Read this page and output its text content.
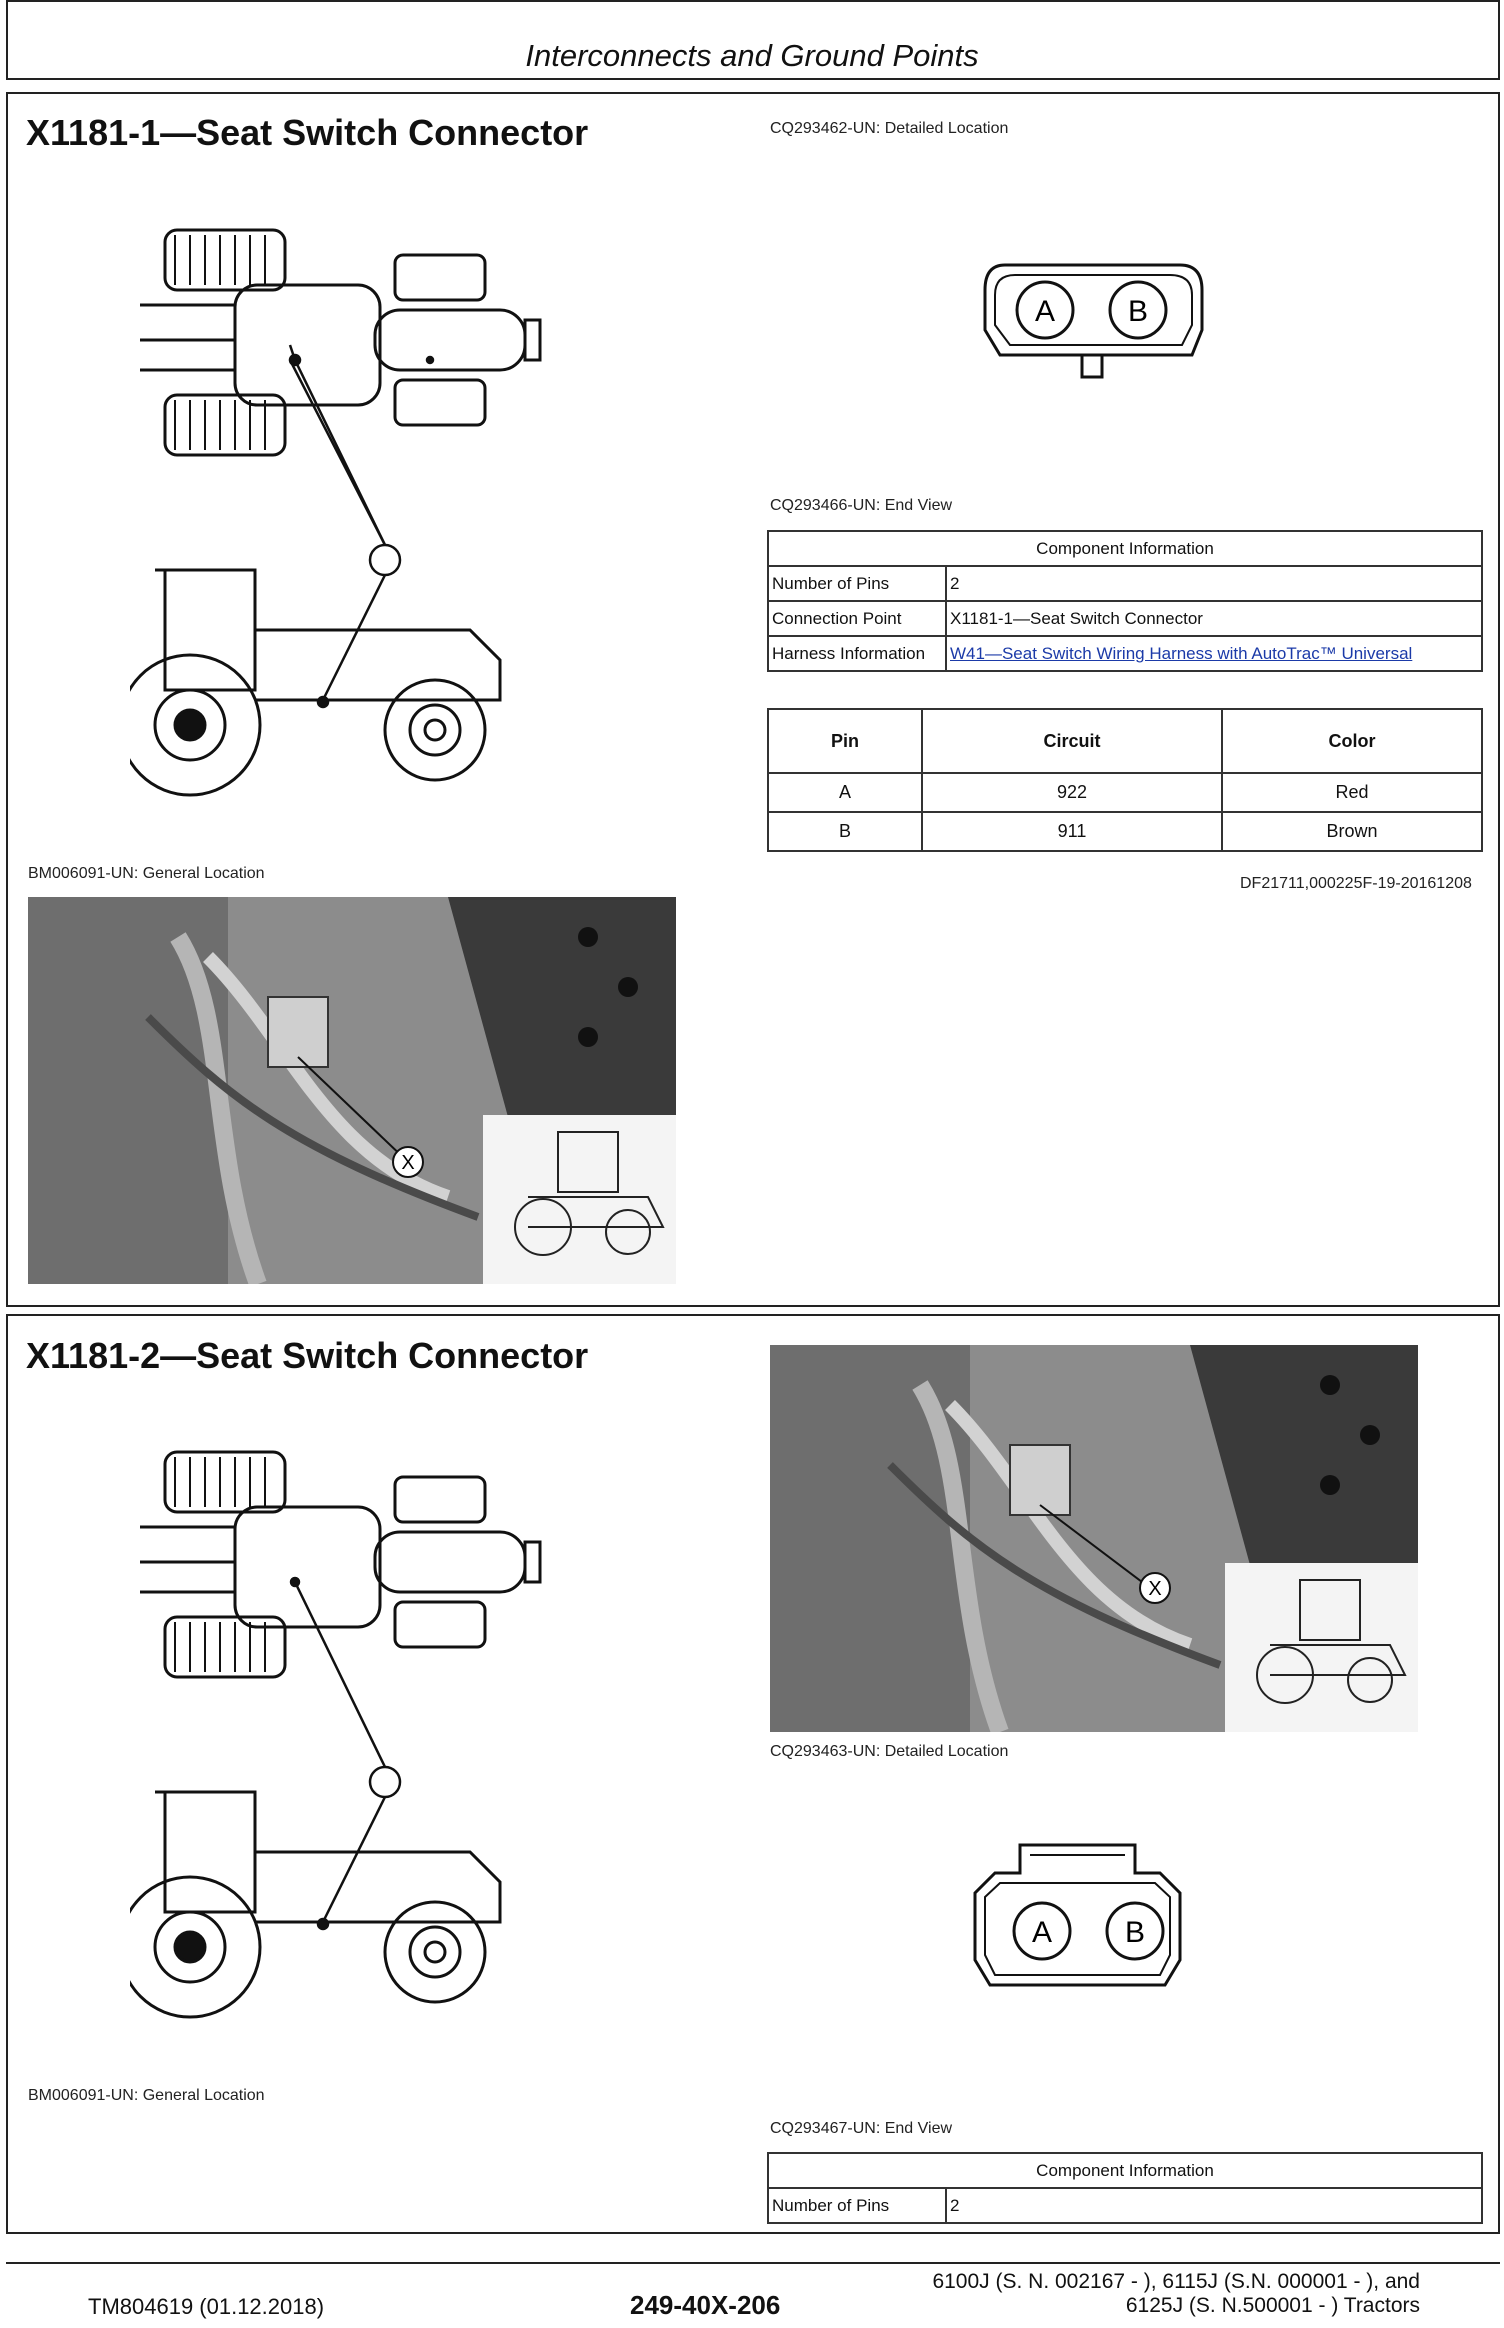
Interconnects and Ground Points
X1181-1—Seat Switch Connector	CQ293462-UN: Detailed Location
A B
CQ293466-UN: End View
Component Information	
Number of Pins	2
Connection Point	X1181-1—Seat Switch Connector
Harness Information	W41—Seat Switch Wiring Harness with AutoTrac™ Universal
Pin	Circuit	Color
A	922	Red
B	911	Brown
DF21711,000225F-19-20161208
BM006091-UN: General Location
X
X1181-2—Seat Switch Connector
X
CQ293463-UN: Detailed Location
A B
BM006091-UN: General Location
CQ293467-UN: End View
Component Information
Number of Pins	2
TM804619 (01.12.2018)	249-40X-206
6100J (S. N. 002167 - ), 6115J (S.N. 000001 - ), and
6125J (S. N.500001 - ) Tractors
